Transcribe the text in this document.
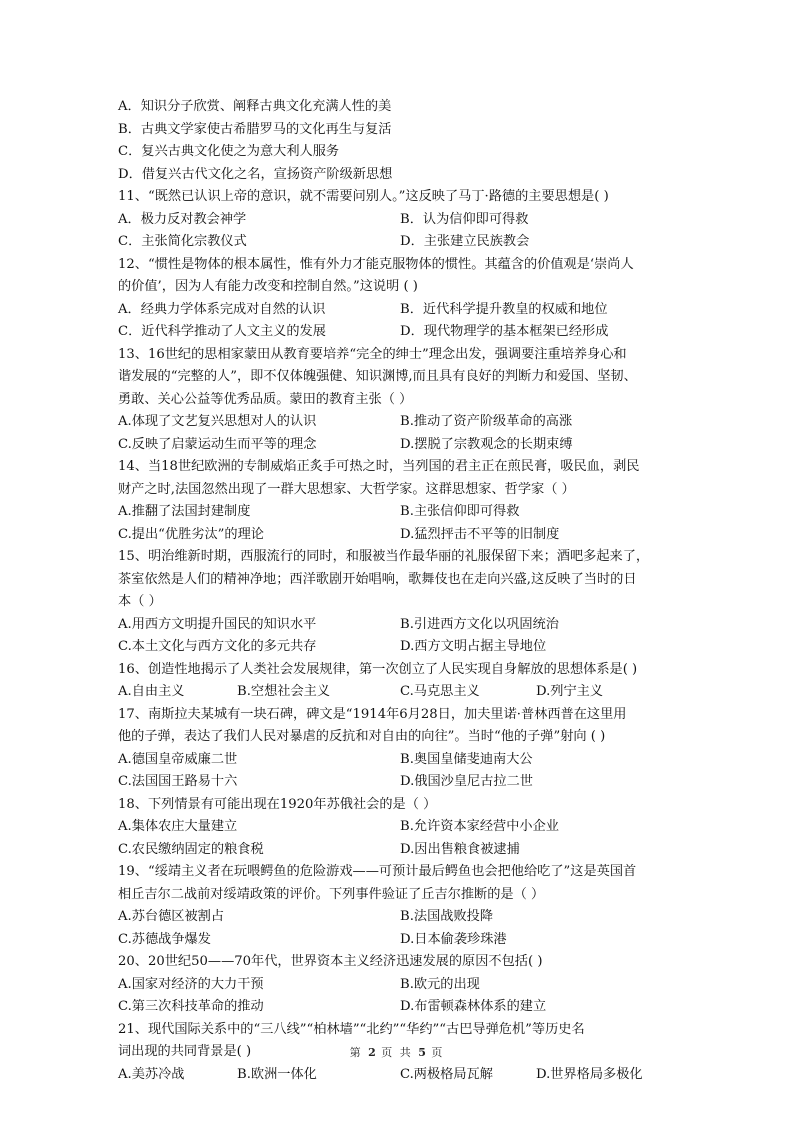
A．知识分子欣赏、阐释古典文化充满人性的美
B．古典文学家使古希腊罗马的文化再生与复活
C．复兴古典文化使之为意大利人服务
D．借复兴古代文化之名，宣扬资产阶级新思想
11、“既然已认识上帝的意识，就不需要问别人。”这反映了马丁·路德的主要思想是( )
A．极力反对教会神学	B．认为信仰即可得救
C．主张简化宗教仪式	D．主张建立民族教会
12、“惯性是物体的根本属性，惟有外力才能克服物体的惯性。其蕴含的价值观是‘崇尚人
的价值’，因为人有能力改变和控制自然。”这说明 ( )
A．经典力学体系完成对自然的认识	B．近代科学提升教皇的权威和地位
C．近代科学推动了人文主义的发展	D．现代物理学的基本框架已经形成
13、16世纪的思相家蒙田从教育要培养“完全的绅士”理念出发，强调要注重培养身心和
谐发展的“完整的人”，即不仅体魄强健、知识渊博,而且具有良好的判断力和爱国、坚韧、
勇敢、关心公益等优秀品质。蒙田的教育主张（ ）
A.体现了文艺复兴思想对人的认识	B.推动了资产阶级革命的高涨
C.反映了启蒙运动生而平等的理念	D.摆脱了宗教观念的长期束缚
14、当18世纪欧洲的专制威焰正炙手可热之时，当列国的君主正在煎民膏，吸民血，剥民
财产之时,法国忽然出现了一群大思想家、大哲学家。这群思想家、哲学家（ ）
A.推翻了法国封建制度	B.主张信仰即可得救
C.提出“优胜劣汰”的理论	D.猛烈抨击不平等的旧制度
15、明治维新时期，西服流行的同时，和服被当作最华丽的礼服保留下来；酒吧多起来了，
茶室依然是人们的精神净地；西洋歌剧开始唱响，歌舞伎也在走向兴盛,这反映了当时的日
本（ ）
A.用西方文明提升国民的知识水平	B.引进西方文化以巩固统治
C.本土文化与西方文化的多元共存	D.西方文明占据主导地位
16、创造性地揭示了人类社会发展规律，第一次创立了人民实现自身解放的思想体系是( )
A.自由主义	B.空想社会主义	C.马克思主义	D.列宁主义
17、南斯拉夫某城有一块石碑，碑文是“1914年6月28日，加夫里诺·普林西普在这里用
他的子弹，表达了我们人民对暴虐的反抗和对自由的向往”。当时“他的子弹”射向 ( )
A.德国皇帝威廉二世	B.奥国皇储斐迪南大公
C.法国国王路易十六	D.俄国沙皇尼古拉二世
18、下列情景有可能出现在1920年苏俄社会的是（ ）
A.集体农庄大量建立	B.允许资本家经营中小企业
C.农民缴纳固定的粮食税	D.因出售粮食被逮捕
19、“绥靖主义者在玩喂鳄鱼的危险游戏——可预计最后鳄鱼也会把他给吃了”这是英国首
相丘吉尔二战前对绥靖政策的评价。下列事件验证了丘吉尔推断的是（ ）
A.苏台德区被割占	B.法国战败投降
C.苏德战争爆发	D.日本偷袭珍珠港
20、20世纪50——70年代，世界资本主义经济迅速发展的原因不包括( )
A.国家对经济的大力干预	B.欧元的出现
C.第三次科技革命的推动	D.布雷顿森林体系的建立
21、现代国际关系中的“三八线”“柏林墙”“北约”“华约”“古巴导弹危机”等历史名
词出现的共同背景是( )
A.美苏冷战	B.欧洲一体化	C.两极格局瓦解	D.世界格局多极化
第 2 页 共 5 页
